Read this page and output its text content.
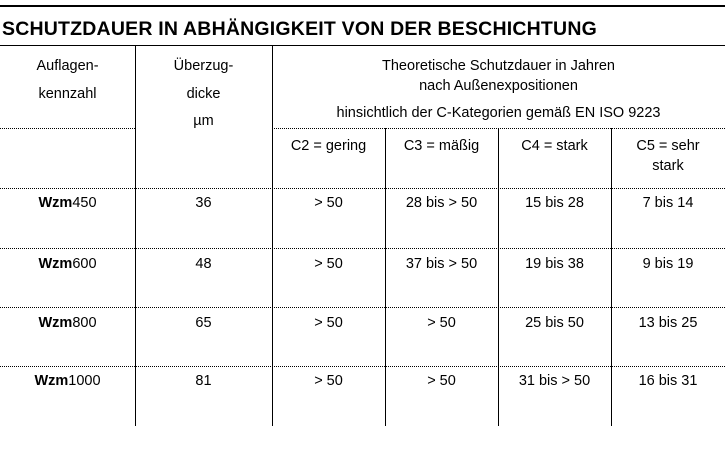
SCHUTZDAUER IN ABHÄNGIGKEIT VON DER BESCHICHTUNG
Auflagen-
kennzahl
Überzug-
dicke
µm
Theoretische Schutzdauer in Jahren
nach Außenexpositionen
hinsichtlich der C-Kategorien gemäß EN ISO 9223
C2 = gering	C3 = mäßig	C4 = stark	C5 = sehr
stark
Wzm450	36	> 50	28 bis > 50	15 bis 28	7 bis 14
Wzm600	48	> 50	37 bis > 50	19 bis 38	9 bis 19
Wzm800	65	> 50	> 50	25 bis 50	13 bis 25
Wzm1000	81	> 50	> 50	31 bis > 50	16 bis 31
